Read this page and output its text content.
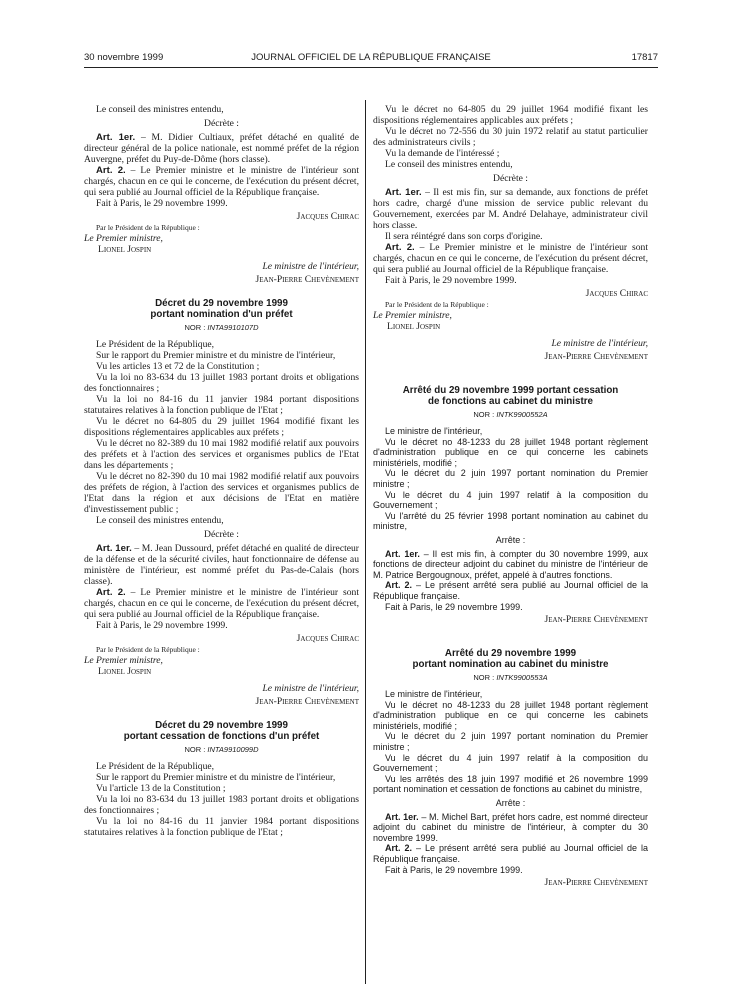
30 novembre 1999	JOURNAL OFFICIEL DE LA RÉPUBLIQUE FRANÇAISE	17817

Le conseil des ministres entendu,

Décrète :

Art. 1er. – M. Didier Cultiaux, préfet détaché en qualité de directeur général de la police nationale, est nommé préfet de la région Auvergne, préfet du Puy-de-Dôme (hors classe).

Art. 2. – Le Premier ministre et le ministre de l'intérieur sont chargés, chacun en ce qui le concerne, de l'exécution du présent décret, qui sera publié au Journal officiel de la République française.

Fait à Paris, le 29 novembre 1999.

Jacques Chirac

Par le Président de la République :

Le Premier ministre,

Lionel Jospin

Le ministre de l'intérieur,

Jean-Pierre Chevènement

Décret du 29 novembre 1999
portant nomination d'un préfet

NOR : INTA9910107D

Le Président de la République,

Sur le rapport du Premier ministre et du ministre de l'intérieur,

Vu les articles 13 et 72 de la Constitution ;

Vu la loi no 83-634 du 13 juillet 1983 portant droits et obligations des fonctionnaires ;

Vu la loi no 84-16 du 11 janvier 1984 portant dispositions statutaires relatives à la fonction publique de l'Etat ;

Vu le décret no 64-805 du 29 juillet 1964 modifié fixant les dispositions réglementaires applicables aux préfets ;

Vu le décret no 82-389 du 10 mai 1982 modifié relatif aux pouvoirs des préfets et à l'action des services et organismes publics de l'Etat dans les départements ;

Vu le décret no 82-390 du 10 mai 1982 modifié relatif aux pouvoirs des préfets de région, à l'action des services et organismes publics de l'Etat dans la région et aux décisions de l'Etat en matière d'investissement public ;

Le conseil des ministres entendu,

Décrète :

Art. 1er. – M. Jean Dussourd, préfet détaché en qualité de directeur de la défense et de la sécurité civiles, haut fonctionnaire de défense au ministère de l'intérieur, est nommé préfet du Pas-de-Calais (hors classe).

Art. 2. – Le Premier ministre et le ministre de l'intérieur sont chargés, chacun en ce qui le concerne, de l'exécution du présent décret, qui sera publié au Journal officiel de la République française.

Fait à Paris, le 29 novembre 1999.

Jacques Chirac

Par le Président de la République :

Le Premier ministre,

Lionel Jospin

Le ministre de l'intérieur,

Jean-Pierre Chevènement

Décret du 29 novembre 1999
portant cessation de fonctions d'un préfet

NOR : INTA9910099D

Le Président de la République,

Sur le rapport du Premier ministre et du ministre de l'intérieur,

Vu l'article 13 de la Constitution ;

Vu la loi no 83-634 du 13 juillet 1983 portant droits et obligations des fonctionnaires ;

Vu la loi no 84-16 du 11 janvier 1984 portant dispositions statutaires relatives à la fonction publique de l'Etat ;

Vu le décret no 64-805 du 29 juillet 1964 modifié fixant les dispositions réglementaires applicables aux préfets ;

Vu le décret no 72-556 du 30 juin 1972 relatif au statut particulier des administrateurs civils ;

Vu la demande de l'intéressé ;

Le conseil des ministres entendu,

Décrète :

Art. 1er. – Il est mis fin, sur sa demande, aux fonctions de préfet hors cadre, chargé d'une mission de service public relevant du Gouvernement, exercées par M. André Delahaye, administrateur civil hors classe.

Il sera réintégré dans son corps d'origine.

Art. 2. – Le Premier ministre et le ministre de l'intérieur sont chargés, chacun en ce qui le concerne, de l'exécution du présent décret, qui sera publié au Journal officiel de la République française.

Fait à Paris, le 29 novembre 1999.

Jacques Chirac

Par le Président de la République :

Le Premier ministre,

Lionel Jospin

Le ministre de l'intérieur,

Jean-Pierre Chevènement

Arrêté du 29 novembre 1999 portant cessation
de fonctions au cabinet du ministre

NOR : INTK9900552A

Le ministre de l'intérieur,

Vu le décret no 48-1233 du 28 juillet 1948 portant règlement d'administration publique en ce qui concerne les cabinets ministériels, modifié ;

Vu le décret du 2 juin 1997 portant nomination du Premier ministre ;

Vu le décret du 4 juin 1997 relatif à la composition du Gouvernement ;

Vu l'arrêté du 25 février 1998 portant nomination au cabinet du ministre,

Arrête :

Art. 1er. – Il est mis fin, à compter du 30 novembre 1999, aux fonctions de directeur adjoint du cabinet du ministre de l'intérieur de M. Patrice Bergougnoux, préfet, appelé à d'autres fonctions.

Art. 2. – Le présent arrêté sera publié au Journal officiel de la République française.

Fait à Paris, le 29 novembre 1999.

Jean-Pierre Chevènement

Arrêté du 29 novembre 1999
portant nomination au cabinet du ministre

NOR : INTK9900553A

Le ministre de l'intérieur,

Vu le décret no 48-1233 du 28 juillet 1948 portant règlement d'administration publique en ce qui concerne les cabinets ministériels, modifié ;

Vu le décret du 2 juin 1997 portant nomination du Premier ministre ;

Vu le décret du 4 juin 1997 relatif à la composition du Gouvernement ;

Vu les arrêtés des 18 juin 1997 modifié et 26 novembre 1999 portant nomination et cessation de fonctions au cabinet du ministre,

Arrête :

Art. 1er. – M. Michel Bart, préfet hors cadre, est nommé directeur adjoint du cabinet du ministre de l'intérieur, à compter du 30 novembre 1999.

Art. 2. – Le présent arrêté sera publié au Journal officiel de la République française.

Fait à Paris, le 29 novembre 1999.

Jean-Pierre Chevènement
